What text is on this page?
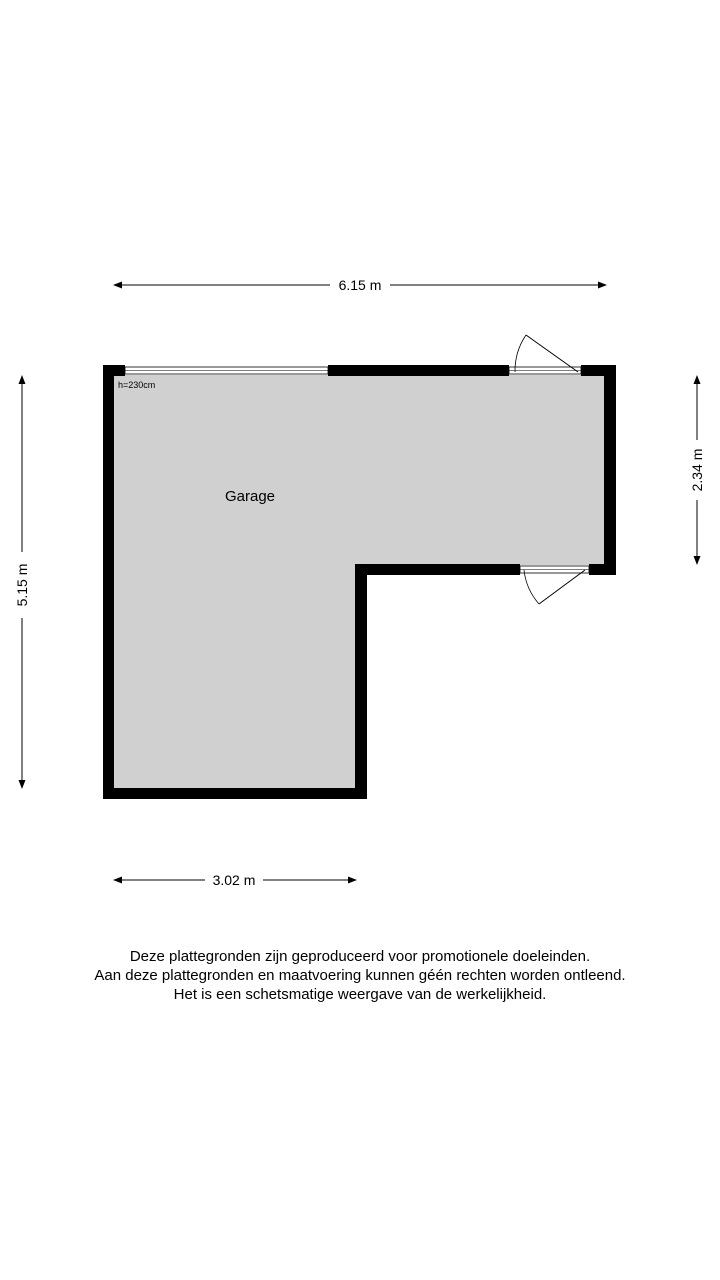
6.15 m
3.02 m
5.15 m
2.34 m
Garage
h=230cm
Deze plattegronden zijn geproduceerd voor promotionele doeleinden.
Aan deze plattegronden en maatvoering kunnen géén rechten worden ontleend.
Het is een schetsmatige weergave van de werkelijkheid.
